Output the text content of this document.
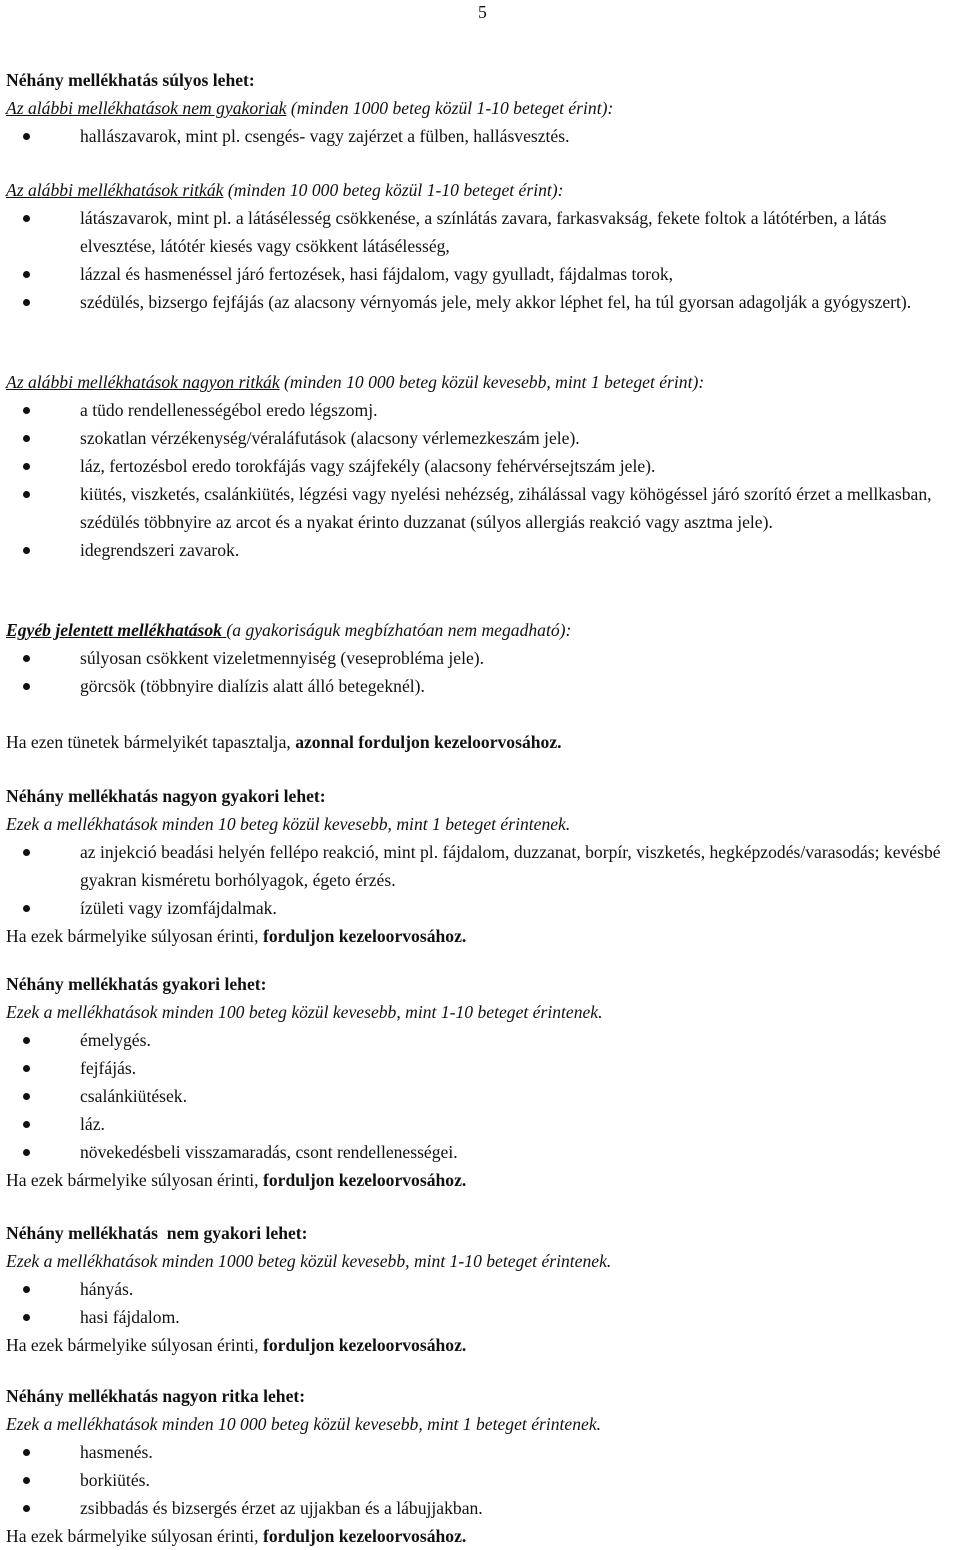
5
Néhány mellékhatás súlyos lehet:
Az alábbi mellékhatások nem gyakoriak (minden 1000 beteg közül 1-10 beteget érint):
hallászavarok, mint pl. csengés- vagy zajérzet a fülben, hallásvesztés.
Az alábbi mellékhatások ritkák (minden 10 000 beteg közül 1-10 beteget érint):
látászavarok, mint pl. a látásélesség csökkenése, a színlátás zavara, farkasvakság, fekete foltok a látótérben, a látás elvesztése, látótér kiesés vagy csökkent látásélesség,
lázzal és hasmenéssel járó fertozések, hasi fájdalom, vagy gyulladt, fájdalmas torok,
szédülés, bizsergo fejfájás (az alacsony vérnyomás jele, mely akkor léphet fel, ha túl gyorsan adagolják a gyógyszert).
Az alábbi mellékhatások nagyon ritkák (minden 10 000 beteg közül kevesebb, mint 1 beteget érint):
a tüdo rendellenességébol eredo légszomj.
szokatlan vérzékenység/véraláfutások (alacsony vérlemezkeszám jele).
láz, fertozésbol eredo torokfájás vagy szájfekély (alacsony fehérvérsejtszám jele).
kiütés, viszketés, csalánkiütés, légzési vagy nyelési nehézség, zihálással vagy köhögéssel járó szorító érzet a mellkasban, szédülés többnyire az arcot és a nyakat érinto duzzanat (súlyos allergiás reakció vagy asztma jele).
idegrendszeri zavarok.
Egyéb jelentett mellékhatások (a gyakoriságuk megbízhatóan nem megadható):
súlyosan csökkent vizeletmennyiség (veseprobléma jele).
görcsök (többnyire dialízis alatt álló betegeknél).
Ha ezen tünetek bármelyikét tapasztalja, azonnal forduljon kezeloorvosához.
Néhány mellékhatás nagyon gyakori lehet:
Ezek a mellékhatások minden 10 beteg közül kevesebb, mint 1 beteget érintenek.
az injekció beadási helyén fellépo reakció, mint pl. fájdalom, duzzanat, borpír, viszketés, hegképzodés/varasodás; kevésbé gyakran kisméretu borhólyagok, égeto érzés.
ízületi vagy izomfájdalmak.
Ha ezek bármelyike súlyosan érinti, forduljon kezeloorvosához.
Néhány mellékhatás gyakori lehet:
Ezek a mellékhatások minden 100 beteg közül kevesebb, mint 1-10 beteget érintenek.
émelygés.
fejfájás.
csalánkiütések.
láz.
növekedésbeli visszamaradás, csont rendellenességei.
Ha ezek bármelyike súlyosan érinti, forduljon kezeloorvosához.
Néhány mellékhatás  nem gyakori lehet:
Ezek a mellékhatások minden 1000 beteg közül kevesebb, mint 1-10 beteget érintenek.
hányás.
hasi fájdalom.
Ha ezek bármelyike súlyosan érinti, forduljon kezeloorvosához.
Néhány mellékhatás nagyon ritka lehet:
Ezek a mellékhatások minden 10 000 beteg közül kevesebb, mint 1 beteget érintenek.
hasmenés.
borkiütés.
zsibbadás és bizsergés érzet az ujjakban és a lábujjakban.
Ha ezek bármelyike súlyosan érinti, forduljon kezeloorvosához.
